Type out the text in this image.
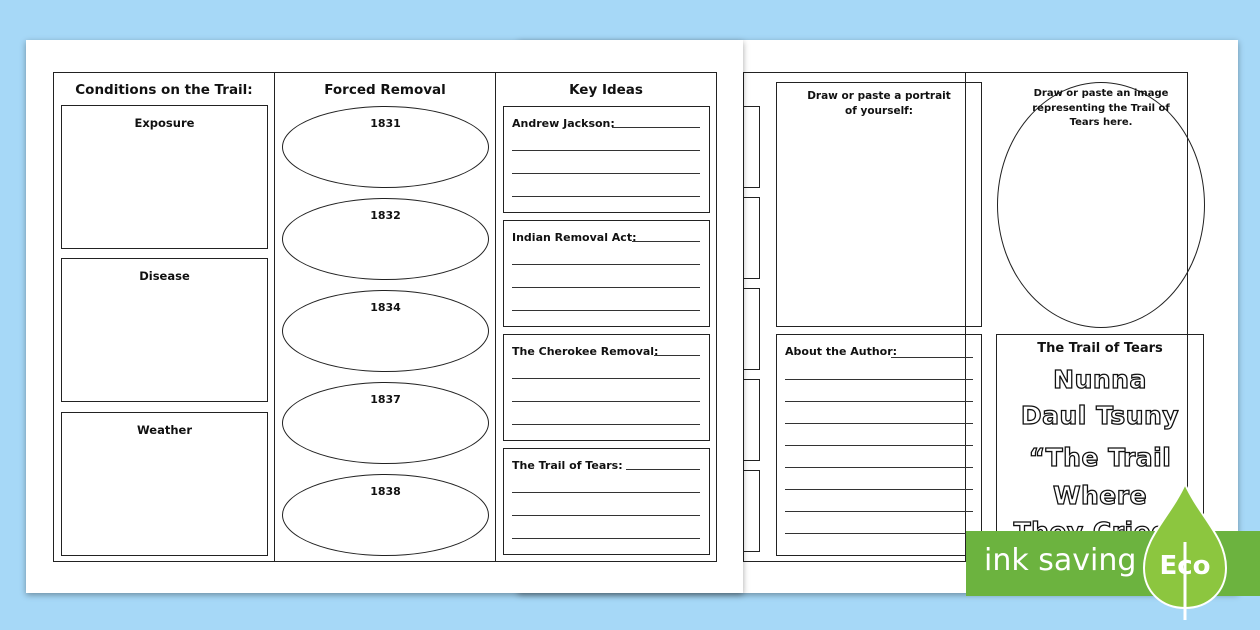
Draw or paste a portrait of yourself:
About the Author:
Draw or paste an image representing the Trail of Tears here.
The Trail of Tears
Nunna
Daul Tsuny
“The Trail
Where
Conditions on the Trail:
Exposure
Disease
Weather
Forced Removal
1831
1832
1834
1837
1838
Key Ideas
Andrew Jackson:
Indian Removal Act:
The Cherokee Removal:
The Trail of Tears:
ink saving Eco
